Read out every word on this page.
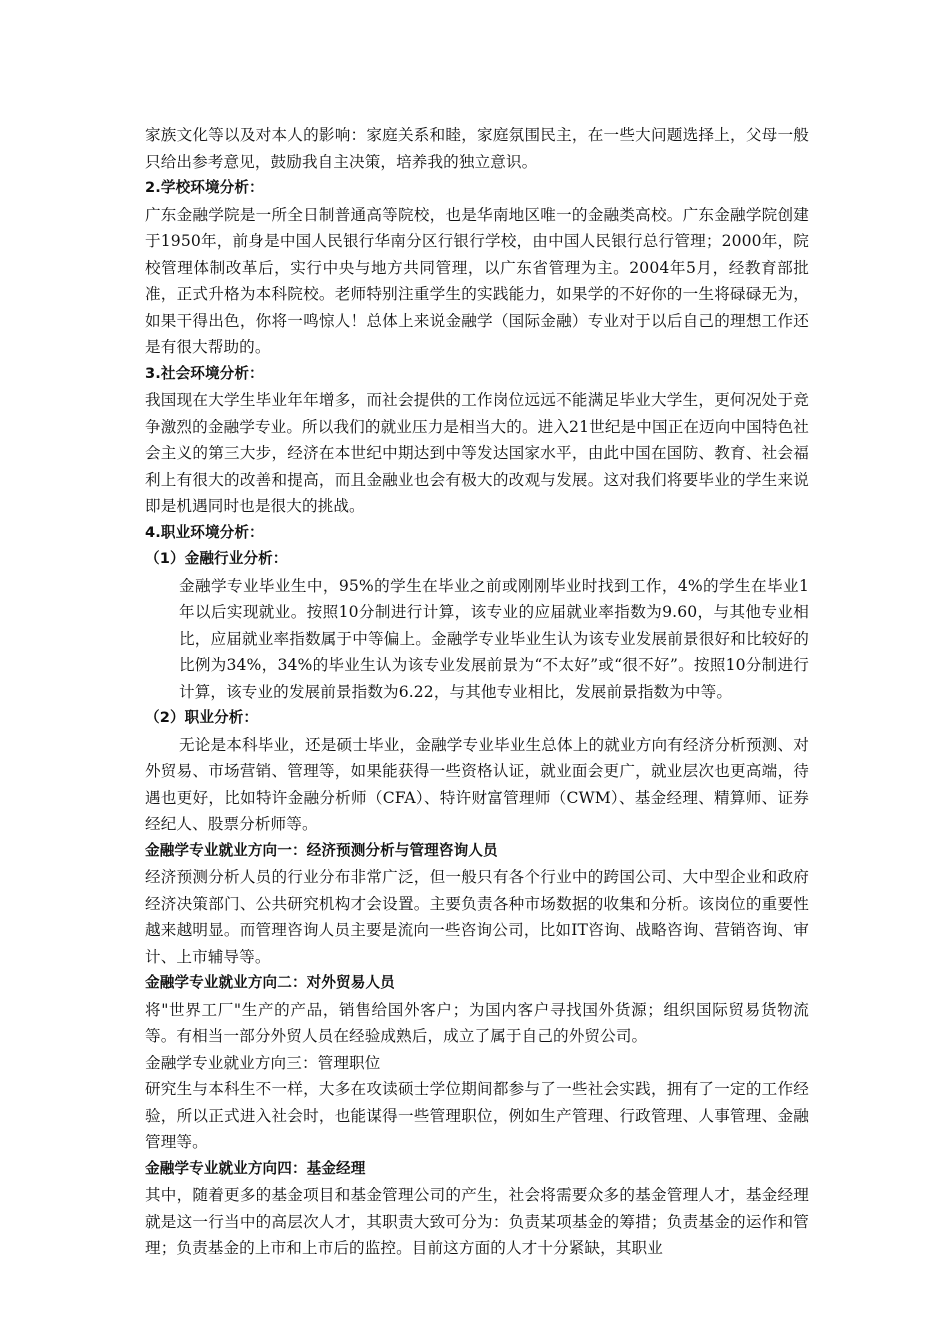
家族文化等以及对本人的影响：家庭关系和睦，家庭氛围民主，在一些大问题选择上，父母一般只给出参考意见，鼓励我自主决策，培养我的独立意识。

2.学校环境分析：

广东金融学院是一所全日制普通高等院校，也是华南地区唯一的金融类高校。广东金融学院创建于1950年，前身是中国人民银行华南分区行银行学校，由中国人民银行总行管理；2000年，院校管理体制改革后，实行中央与地方共同管理，以广东省管理为主。2004年5月，经教育部批准，正式升格为本科院校。老师特别注重学生的实践能力，如果学的不好你的一生将碌碌无为，如果干得出色，你将一鸣惊人！总体上来说金融学（国际金融）专业对于以后自己的理想工作还是有很大帮助的。

3.社会环境分析：

我国现在大学生毕业年年增多，而社会提供的工作岗位远远不能满足毕业大学生，更何况处于竞争激烈的金融学专业。所以我们的就业压力是相当大的。进入21世纪是中国正在迈向中国特色社会主义的第三大步，经济在本世纪中期达到中等发达国家水平，由此中国在国防、教育、社会福利上有很大的改善和提高，而且金融业也会有极大的改观与发展。这对我们将要毕业的学生来说即是机遇同时也是很大的挑战。

4.职业环境分析：

（1）金融行业分析：

金融学专业毕业生中，95%的学生在毕业之前或刚刚毕业时找到工作，4%的学生在毕业1年以后实现就业。按照10分制进行计算，该专业的应届就业率指数为9.60，与其他专业相比，应届就业率指数属于中等偏上。金融学专业毕业生认为该专业发展前景很好和比较好的比例为34%，34%的毕业生认为该专业发展前景为“不太好”或“很不好”。按照10分制进行计算，该专业的发展前景指数为6.22，与其他专业相比，发展前景指数为中等。

（2）职业分析：

无论是本科毕业，还是硕士毕业，金融学专业毕业生总体上的就业方向有经济分析预测、对外贸易、市场营销、管理等，如果能获得一些资格认证，就业面会更广，就业层次也更高端，待遇也更好，比如特许金融分析师（CFA）、特许财富管理师（CWM）、基金经理、精算师、证券经纪人、股票分析师等。

金融学专业就业方向一：经济预测分析与管理咨询人员

经济预测分析人员的行业分布非常广泛，但一般只有各个行业中的跨国公司、大中型企业和政府经济决策部门、公共研究机构才会设置。主要负责各种市场数据的收集和分析。该岗位的重要性越来越明显。而管理咨询人员主要是流向一些咨询公司，比如IT咨询、战略咨询、营销咨询、审计、上市辅导等。

金融学专业就业方向二：对外贸易人员

将"世界工厂"生产的产品，销售给国外客户；为国内客户寻找国外货源；组织国际贸易货物流等。有相当一部分外贸人员在经验成熟后，成立了属于自己的外贸公司。

金融学专业就业方向三：管理职位

研究生与本科生不一样，大多在攻读硕士学位期间都参与了一些社会实践，拥有了一定的工作经验，所以正式进入社会时，也能谋得一些管理职位，例如生产管理、行政管理、人事管理、金融管理等。

金融学专业就业方向四：基金经理

其中，随着更多的基金项目和基金管理公司的产生，社会将需要众多的基金管理人才，基金经理就是这一行当中的高层次人才，其职责大致可分为：负责某项基金的筹措；负责基金的运作和管理；负责基金的上市和上市后的监控。目前这方面的人才十分紧缺，其职业
